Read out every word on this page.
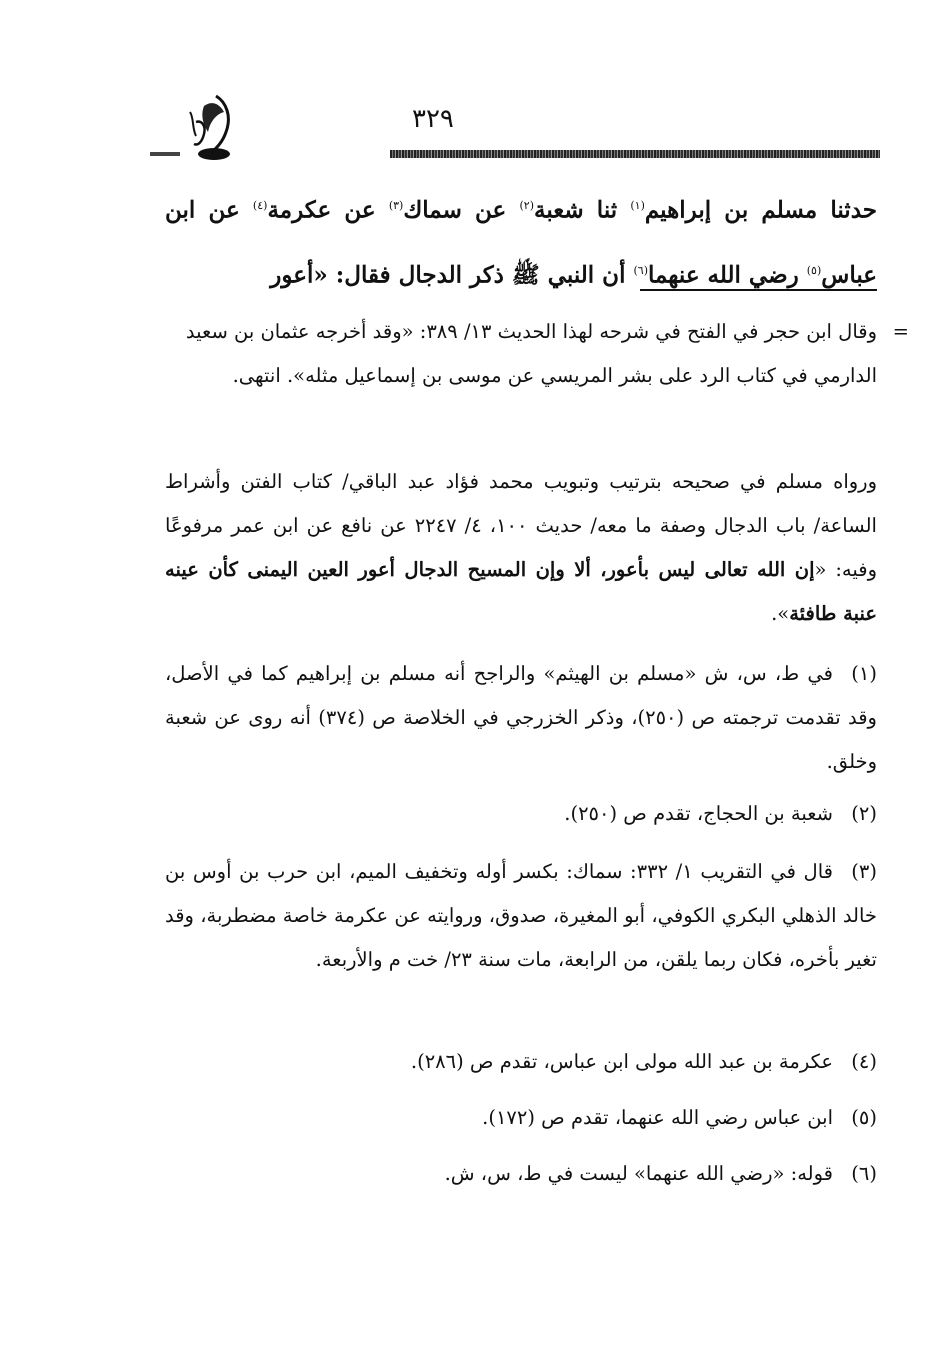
٣٢٩
حدثنا مسلم بن إبراهيم$^{(١)}$ ثنا شعبة$^{(٢)}$ عن سماك$^{(٣)}$ عن عكرمة$^{(٤)}$ عن ابن عباس$^{(٥)}$ رضي الله عنهما$^{(٦)}$ أن النبي ﷺ ذكر الدجال فقال: «أعور
=
وقال ابن حجر في الفتح في شرحه لهذا الحديث ١٣/ ٣٨٩: «وقد أخرجه عثمان بن سعيد الدارمي في كتاب الرد على بشر المريسي عن موسى بن إسماعيل مثله». انتهى.
ورواه مسلم في صحيحه بترتيب وتبويب محمد فؤاد عبد الباقي/ كتاب الفتن وأشراط الساعة/ باب الدجال وصفة ما معه/ حديث ١٠٠، ٤/ ٢٢٤٧ عن نافع عن ابن عمر مرفوعًا وفيه: «إن الله تعالى ليس بأعور، ألا وإن المسيح الدجال أعور العين اليمنى كأن عينه عنبة طافئة».
(١)في ط، س، ش «مسلم بن الهيثم» والراجح أنه مسلم بن إبراهيم كما في الأصل، وقد تقدمت ترجمته ص (٢٥٠)، وذكر الخزرجي في الخلاصة ص (٣٧٤) أنه روى عن شعبة وخلق.
(٢)شعبة بن الحجاج، تقدم ص (٢٥٠).
(٣)قال في التقريب ١/ ٣٣٢: سماك: بكسر أوله وتخفيف الميم، ابن حرب بن أوس بن خالد الذهلي البكري الكوفي، أبو المغيرة، صدوق، وروايته عن عكرمة خاصة مضطربة، وقد تغير بأخره، فكان ربما يلقن، من الرابعة، مات سنة ٢٣/ خت م والأربعة.
(٤)عكرمة بن عبد الله مولى ابن عباس، تقدم ص (٢٨٦).
(٥)ابن عباس رضي الله عنهما، تقدم ص (١٧٢).
(٦)قوله: «رضي الله عنهما» ليست في ط، س، ش.
